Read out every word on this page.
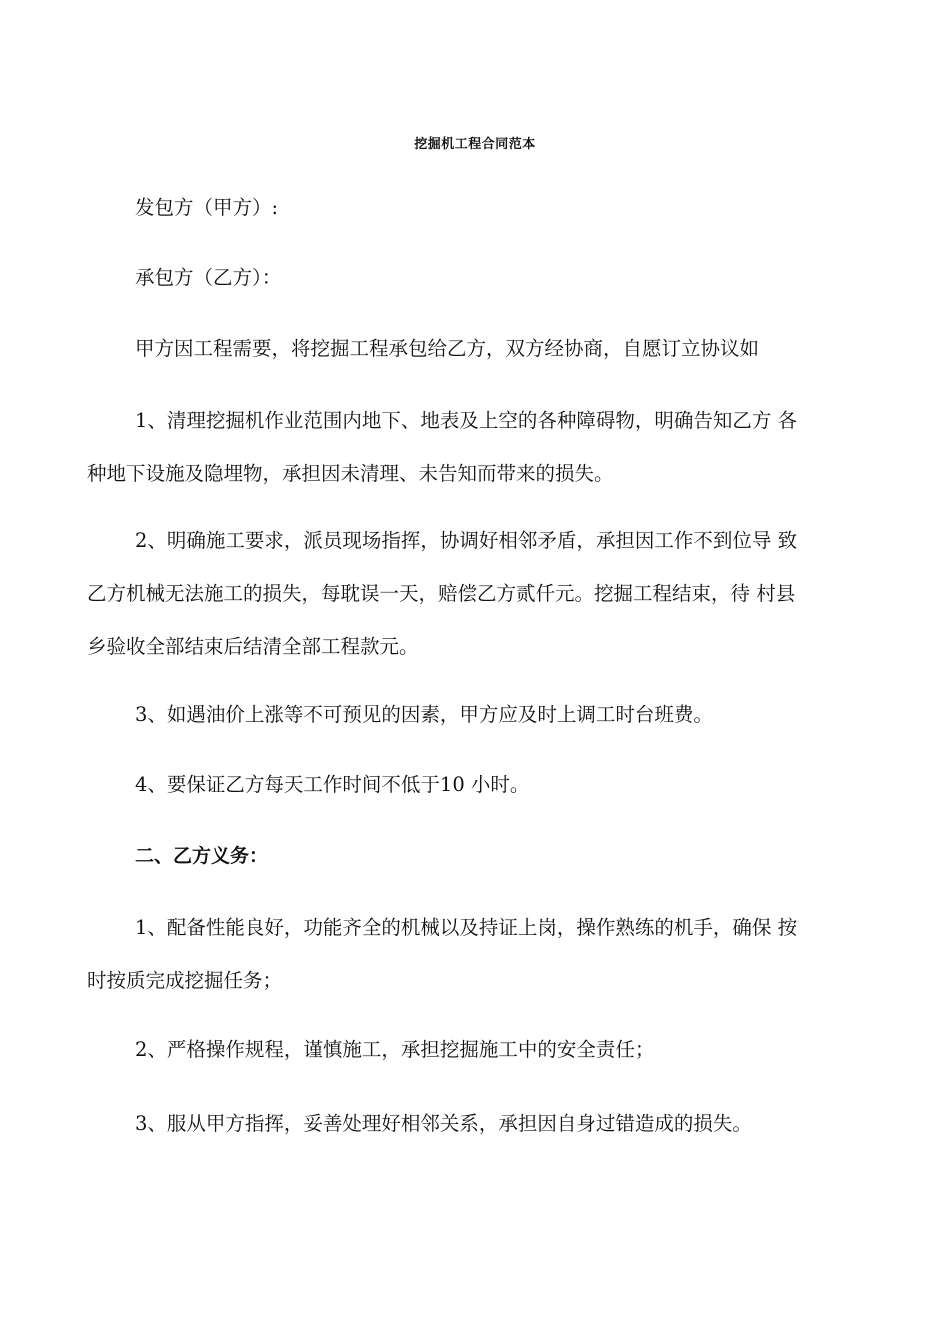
挖掘机工程合同范本
发包方（甲方）:
承包方（乙方）：
甲方因工程需要，将挖掘工程承包给乙方，双方经协商，自愿订立协议如
1、清理挖掘机作业范围内地下、地表及上空的各种障碍物，明确告知乙方 各
种地下设施及隐埋物，承担因未清理、未告知而带来的损失。
2、明确施工要求，派员现场指挥，协调好相邻矛盾，承担因工作不到位导 致
乙方机械无法施工的损失，每耽误一天，赔偿乙方贰仟元。挖掘工程结束，待 村县
乡验收全部结束后结清全部工程款元。
3、如遇油价上涨等不可预见的因素，甲方应及时上调工时台班费。
4、要保证乙方每天工作时间不低于10 小时。
二、乙方义务：
1、配备性能良好，功能齐全的机械以及持证上岗，操作熟练的机手，确保 按
时按质完成挖掘任务；
2、严格操作规程，谨慎施工，承担挖掘施工中的安全责任；
3、服从甲方指挥，妥善处理好相邻关系，承担因自身过错造成的损失。
